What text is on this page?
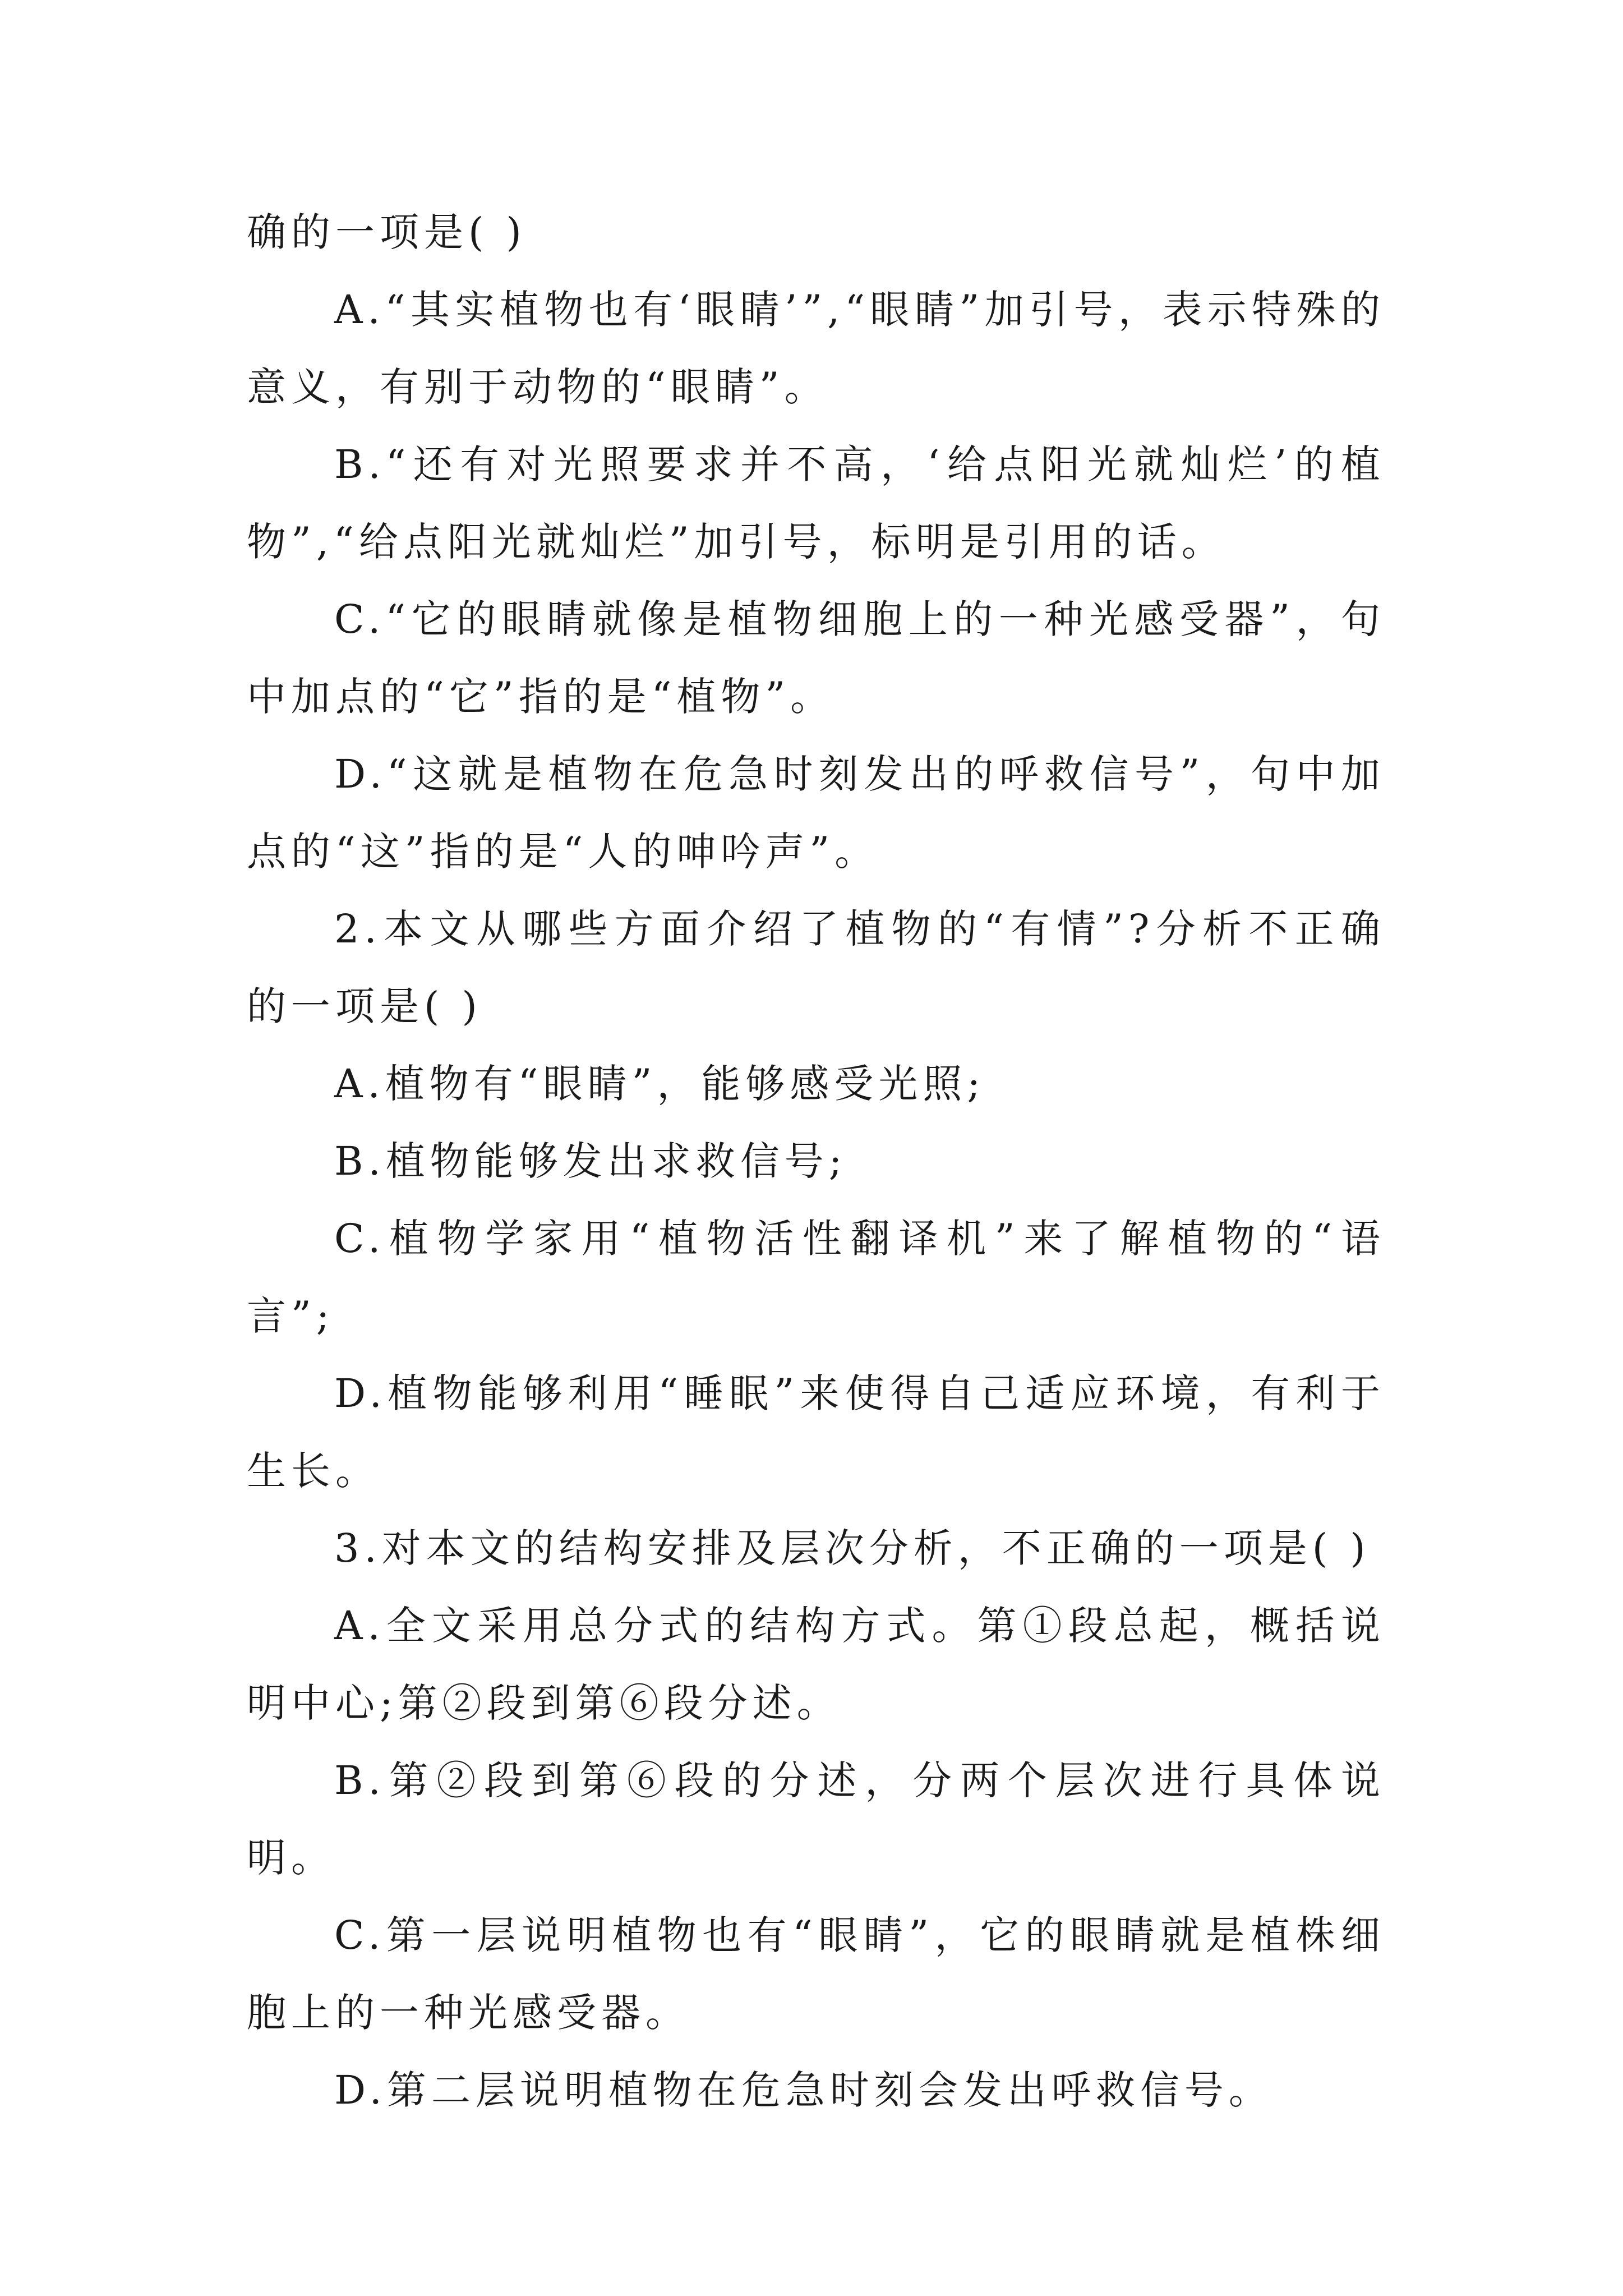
确的一项是( )

A.“其实植物也有‘眼睛’”,“眼睛”加引号，表示特殊的意义，有别于动物的“眼睛”。

B.“还有对光照要求并不高，‘给点阳光就灿烂’的植物”,“给点阳光就灿烂”加引号，标明是引用的话。

C.“它的眼睛就像是植物细胞上的一种光感受器”，句中加点的“它”指的是“植物”。

D.“这就是植物在危急时刻发出的呼救信号”，句中加点的“这”指的是“人的呻吟声”。

2.本文从哪些方面介绍了植物的“有情”?分析不正确的一项是( )

A.植物有“眼睛”，能够感受光照;

B.植物能够发出求救信号;

C.植物学家用“植物活性翻译机”来了解植物的“语言”;

D.植物能够利用“睡眠”来使得自己适应环境，有利于生长。

3.对本文的结构安排及层次分析，不正确的一项是( )

A.全文采用总分式的结构方式。第①段总起，概括说明中心;第②段到第⑥段分述。

B.第②段到第⑥段的分述，分两个层次进行具体说明。

C.第一层说明植物也有“眼睛”，它的眼睛就是植株细胞上的一种光感受器。

D.第二层说明植物在危急时刻会发出呼救信号。
